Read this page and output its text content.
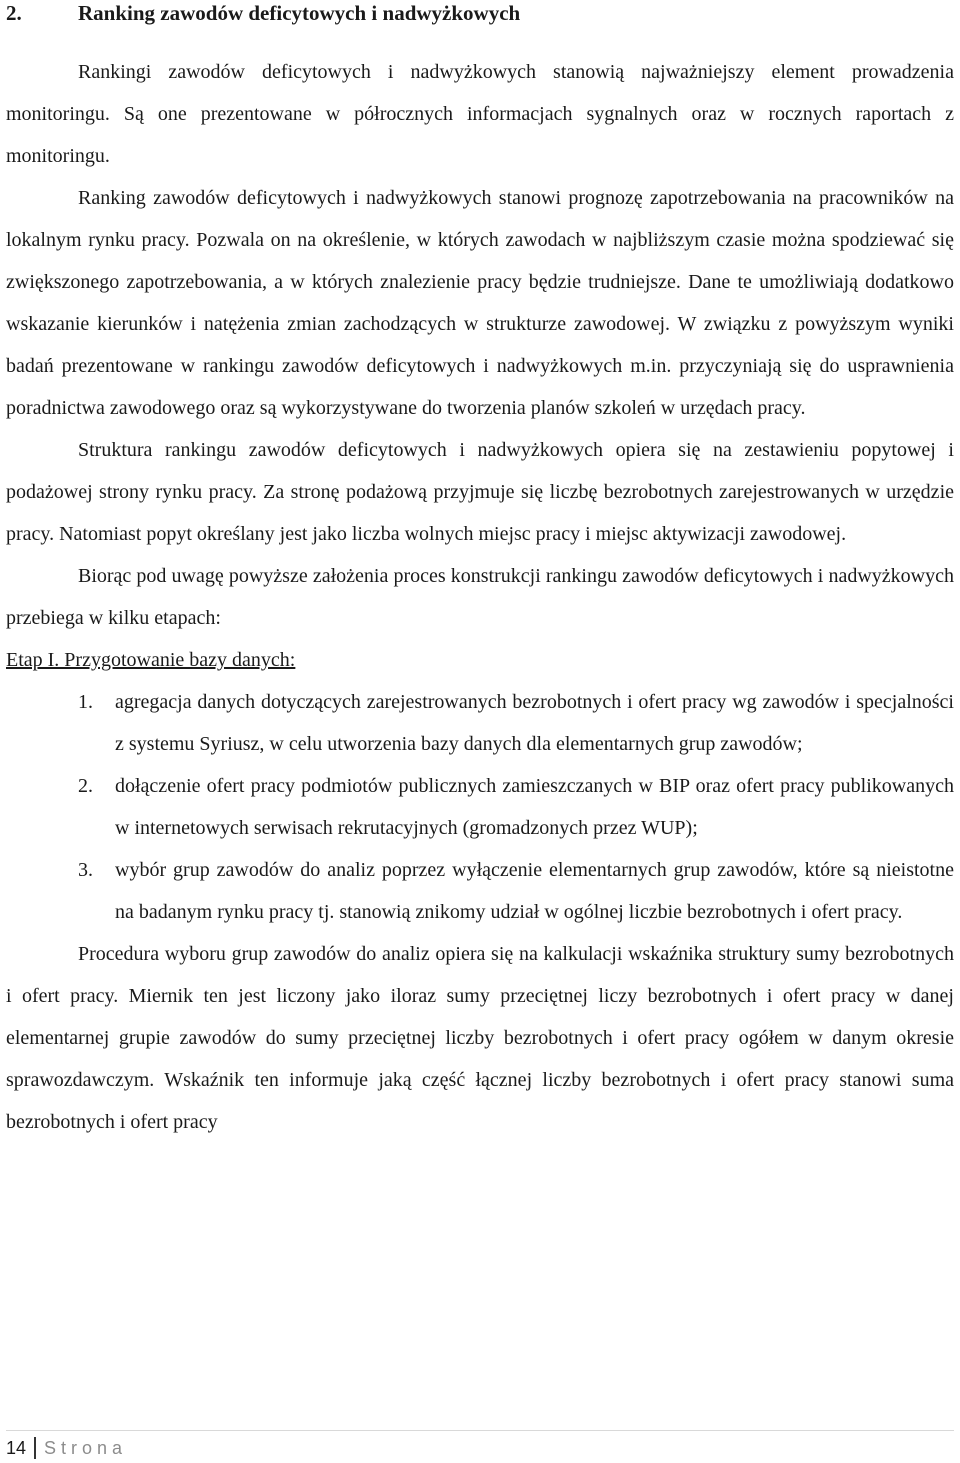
2.	Ranking zawodów deficytowych i nadwyżkowych

Rankingi zawodów deficytowych i nadwyżkowych stanowią najważniejszy element prowadzenia monitoringu. Są one prezentowane w półrocznych informacjach sygnalnych oraz w rocznych raportach z monitoringu.

Ranking zawodów deficytowych i nadwyżkowych stanowi prognozę zapotrzebowania na pracowników na lokalnym rynku pracy. Pozwala on na określenie, w których zawodach w najbliższym czasie można spodziewać się zwiększonego zapotrzebowania, a w których znalezienie pracy będzie trudniejsze. Dane te umożliwiają dodatkowo wskazanie kierunków i natężenia zmian zachodzących w strukturze zawodowej. W związku z powyższym wyniki badań prezentowane w rankingu zawodów deficytowych i nadwyżkowych m.in. przyczyniają się do usprawnienia poradnictwa zawodowego oraz są wykorzystywane do tworzenia planów szkoleń w urzędach pracy.

Struktura rankingu zawodów deficytowych i nadwyżkowych opiera się na zestawieniu popytowej i podażowej strony rynku pracy. Za stronę podażową przyjmuje się liczbę bezrobotnych zarejestrowanych w urzędzie pracy. Natomiast popyt określany jest jako liczba wolnych miejsc pracy i miejsc aktywizacji zawodowej.

Biorąc pod uwagę powyższe założenia proces konstrukcji rankingu zawodów deficytowych i nadwyżkowych przebiega w kilku etapach:

Etap I. Przygotowanie bazy danych:

1. agregacja danych dotyczących zarejestrowanych bezrobotnych i ofert pracy wg zawodów i specjalności z systemu Syriusz, w celu utworzenia bazy danych dla elementarnych grup zawodów;
2. dołączenie ofert pracy podmiotów publicznych zamieszczanych w BIP oraz ofert pracy publikowanych w internetowych serwisach rekrutacyjnych (gromadzonych przez WUP);
3. wybór grup zawodów do analiz poprzez wyłączenie elementarnych grup zawodów, które są nieistotne na badanym rynku pracy tj. stanowią znikomy udział w ogólnej liczbie bezrobotnych i ofert pracy.

Procedura wyboru grup zawodów do analiz opiera się na kalkulacji wskaźnika struktury sumy bezrobotnych i ofert pracy. Miernik ten jest liczony jako iloraz sumy przeciętnej liczy bezrobotnych i ofert pracy w danej elementarnej grupie zawodów do sumy przeciętnej liczby bezrobotnych i ofert pracy ogółem w danym okresie sprawozdawczym. Wskaźnik ten informuje jaką część łącznej liczby bezrobotnych i ofert pracy stanowi suma bezrobotnych i ofert pracy

14 Strona
